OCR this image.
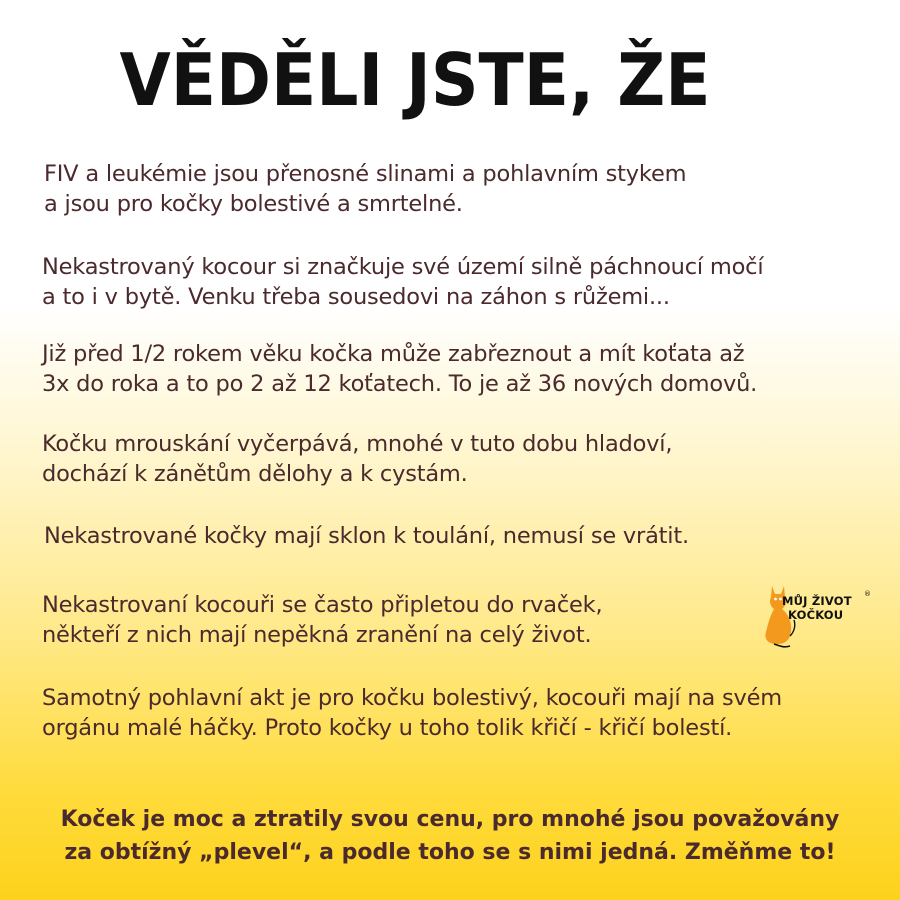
VĚDĚLI JSTE, ŽE

FIV a leukémie jsou přenosné slinami a pohlavním stykem
a jsou pro kočky bolestivé a smrtelné.

Nekastrovaný kocour si značkuje své území silně páchnoucí močí
a to i v bytě. Venku třeba sousedovi na záhon s růžemi...

Již před 1/2 rokem věku kočka může zabřeznout a mít koťata až
3x do roka a to po 2 až 12 koťatech. To je až 36 nových domovů.

Kočku mrouskání vyčerpává, mnohé v tuto dobu hladoví,
dochází k zánětům dělohy a k cystám.

Nekastrované kočky mají sklon k toulání, nemusí se vrátit.

Nekastrovaní kocouři se často připletou do rvaček,
někteří z nich mají nepěkná zranění na celý život.

Samotný pohlavní akt je pro kočku bolestivý, kocouři mají na svém
orgánu malé háčky. Proto kočky u toho tolik křičí - křičí bolestí.

Koček je moc a ztratily svou cenu, pro mnohé jsou považovány
za obtížný „plevel“, a podle toho se s nimi jedná. Změňme to!
MŮJ ŽIVOT ®
KOČKOU
